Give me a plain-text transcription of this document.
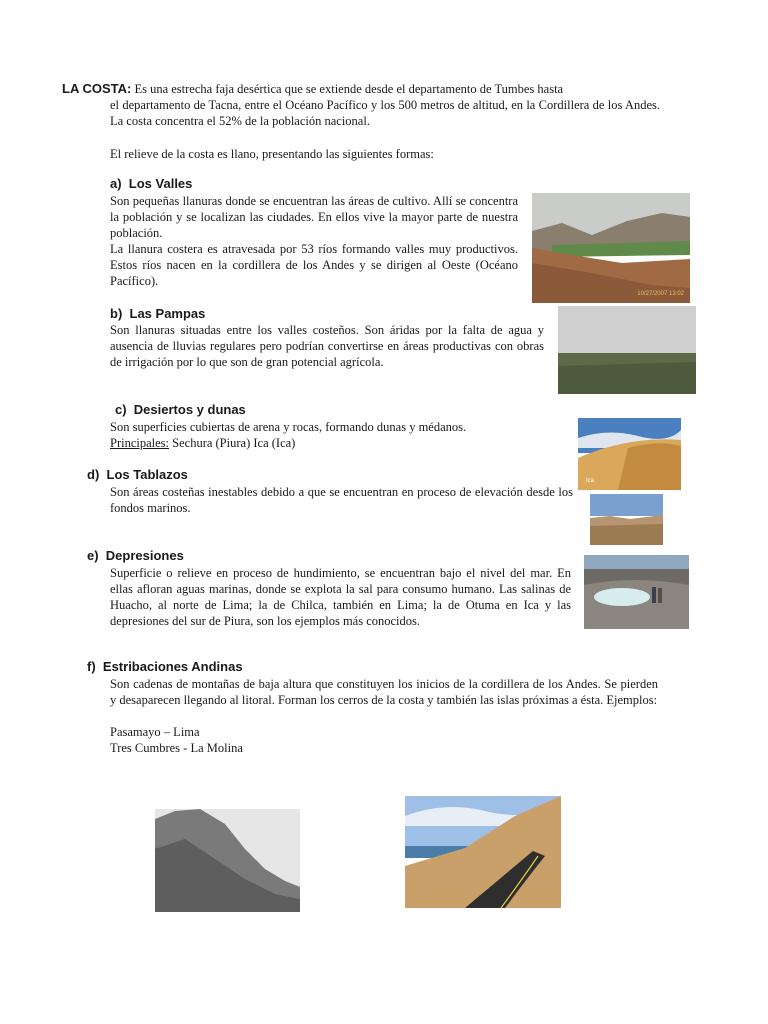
LA COSTA: Es una estrecha faja desértica que se extiende desde el departamento de Tumbes hasta
el departamento de Tacna, entre el Océano Pacífico y los 500 metros de altitud, en la Cordillera de los Andes. La costa concentra el 52% de la población nacional.
El relieve de la costa es llano, presentando las siguientes formas:
a) Los Valles
Son pequeñas llanuras donde se encuentran las áreas de cultivo. Allí se concentra la población y se localizan las ciudades. En ellos vive la mayor parte de nuestra población.
La llanura costera es atravesada por 53 ríos formando valles muy productivos. Estos ríos nacen en la cordillera de los Andes y se dirigen al Oeste (Océano Pacífico).
10/27/2007 13:02
b) Las Pampas
Son llanuras situadas entre los valles costeños. Son áridas por la falta de agua y ausencia de lluvias regulares pero podrían convertirse en áreas productivas con obras de irrigación por lo que son de gran potencial agrícola.
c) Desiertos y dunas
Son superficies cubiertas de arena y rocas, formando dunas y médanos.
Principales: Sechura (Piura) Ica (Ica)
Ica
d) Los Tablazos
Son áreas costeñas inestables debido a que se encuentran en proceso de elevación desde los fondos marinos.
e) Depresiones
Superficie o relieve en proceso de hundimiento, se encuentran bajo el nivel del mar. En ellas afloran aguas marinas, donde se explota la sal para consumo humano. Las salinas de Huacho, al norte de Lima; la de Chilca, también en Lima; la de Otuma en Ica y las depresiones del sur de Piura, son los ejemplos más conocidos.
f) Estribaciones Andinas
Son cadenas de montañas de baja altura que constituyen los inicios de la cordillera de los Andes. Se pierden y desaparecen llegando al litoral. Forman los cerros de la costa y también las islas próximas a ésta. Ejemplos:
Pasamayo – Lima
Tres Cumbres - La Molina
